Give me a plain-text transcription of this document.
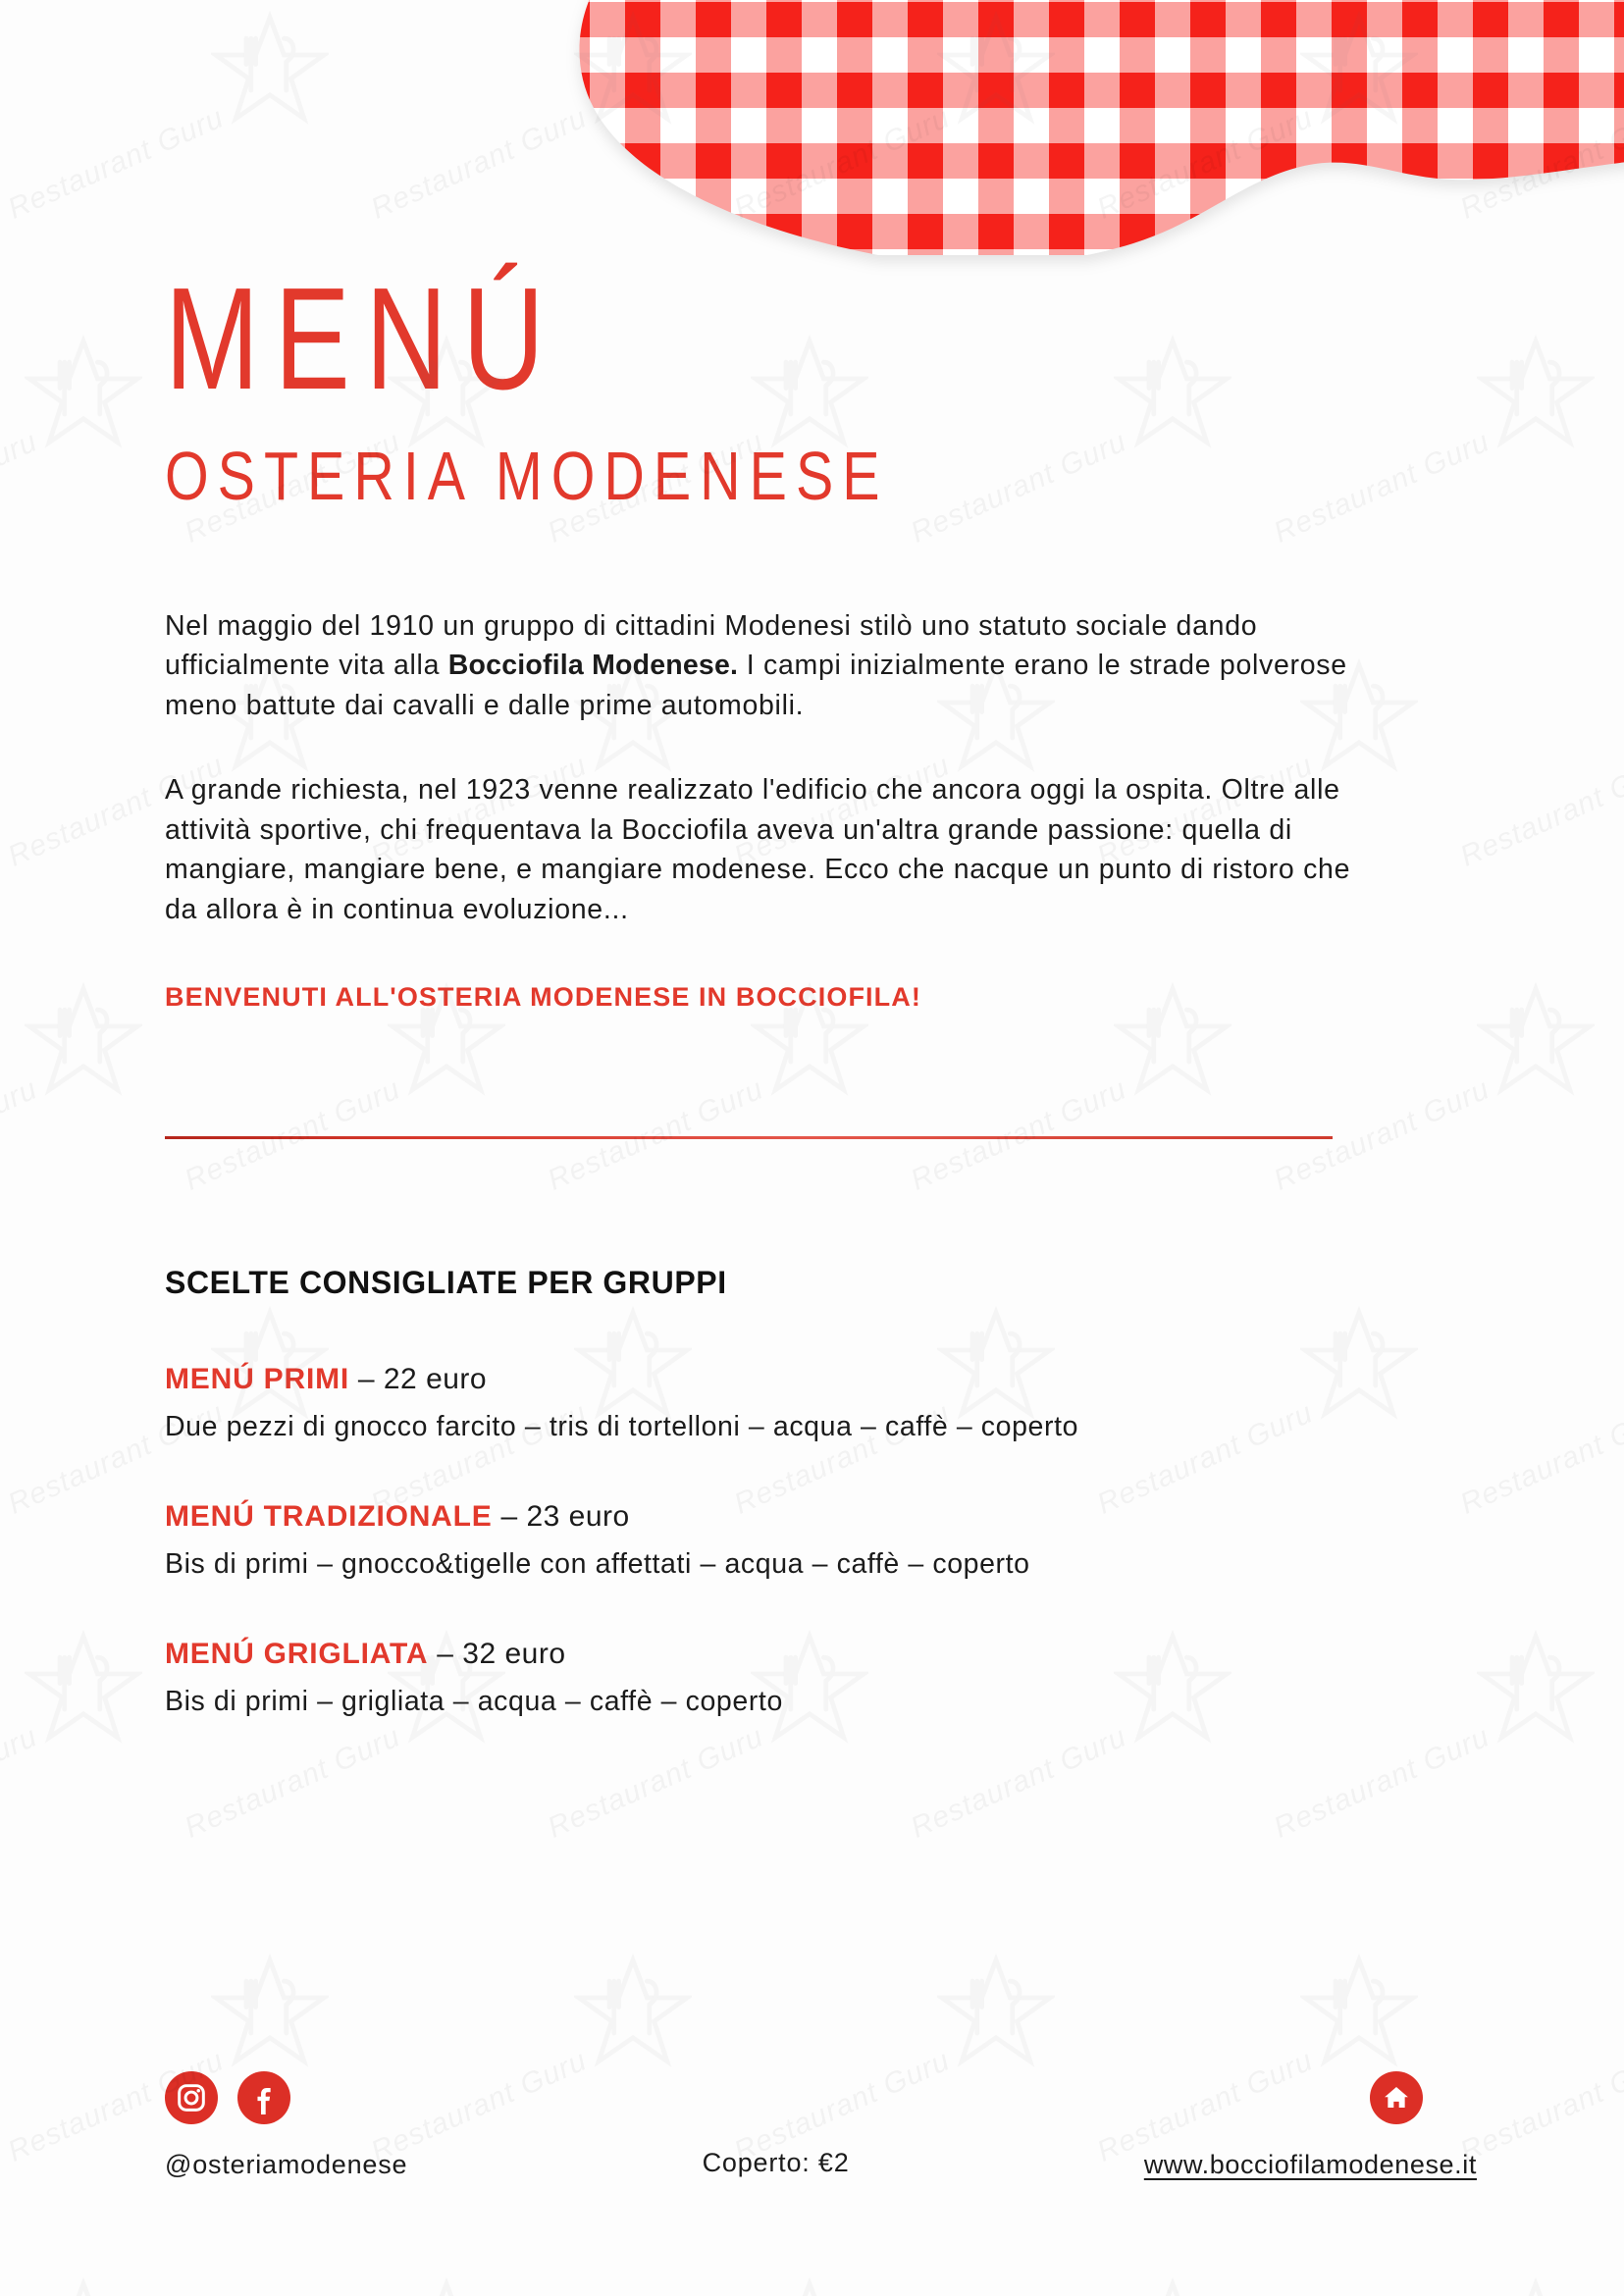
MENÚ
OSTERIA MODENESE

Nel maggio del 1910 un gruppo di cittadini Modenesi stilò uno statuto sociale dando ufficialmente vita alla Bocciofila Modenese. I campi inizialmente erano le strade polverose meno battute dai cavalli e dalle prime automobili.

A grande richiesta, nel 1923 venne realizzato l'edificio che ancora oggi la ospita. Oltre alle attività sportive, chi frequentava la Bocciofila aveva un'altra grande passione: quella di mangiare, mangiare bene, e mangiare modenese. Ecco che nacque un punto di ristoro che da allora è in continua evoluzione...

BENVENUTI ALL'OSTERIA MODENESE IN BOCCIOFILA!

SCELTE CONSIGLIATE PER GRUPPI

MENÚ PRIMI – 22 euro

Due pezzi di gnocco farcito – tris di tortelloni – acqua – caffè – coperto

MENÚ TRADIZIONALE – 23 euro

Bis di primi – gnocco&tigelle con affettati – acqua – caffè – coperto

MENÚ GRIGLIATA – 32 euro

Bis di primi – grigliata – acqua – caffè – coperto

@osteriamodenese	Coperto: €2	www.bocciofilamodenese.it
